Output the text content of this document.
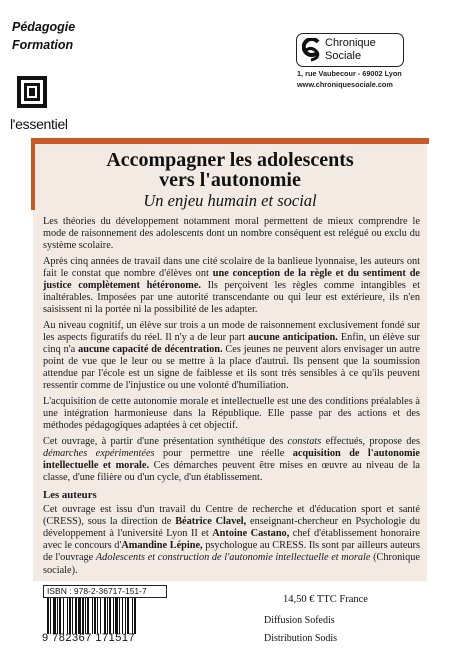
Pédagogie
Formation
l'essentiel
Chronique
Sociale
1, rue Vaubecour - 69002 Lyon
www.chroniquesociale.com
Accompagner les adolescents
vers l'autonomie
Un enjeu humain et social

Les théories du développement notamment moral permettent de mieux comprendre le mode de raisonnement des adolescents dont un nombre conséquent est relégué ou exclu du système scolaire.

Après cinq années de travail dans une cité scolaire de la banlieue lyonnaise, les auteurs ont fait le constat que nombre d'élèves ont une conception de la règle et du sentiment de justice complètement hétéronome. Ils perçoivent les règles comme intangibles et inaltérables. Imposées par une autorité transcendante ou qui leur est extérieure, ils n'en saisissent ni la portée ni la possibilité de les adapter.

Au niveau cognitif, un élève sur trois a un mode de raisonnement exclusivement fondé sur les aspects figuratifs du réel. Il n'y a de leur part aucune anticipation. Enfin, un élève sur cinq n'a aucune capacité de décentration. Ces jeunes ne peuvent alors envisager un autre point de vue que le leur ou se mettre à la place d'autrui. Ils pensent que la soumission attendue par l'école est un signe de faiblesse et ils sont très sensibles à ce qu'ils peuvent ressentir comme de l'injustice ou une volonté d'humiliation.

L'acquisition de cette autonomie morale et intellectuelle est une des conditions préalables à une intégration harmonieuse dans la République. Elle passe par des actions et des méthodes pédagogiques adaptées à cet objectif.

Cet ouvrage, à partir d'une présentation synthétique des constats effectués, propose des démarches expérimentées pour permettre une réelle acquisition de l'autonomie intellectuelle et morale. Ces démarches peuvent être mises en œuvre au niveau de la classe, d'une filière ou d'un cycle, d'un établissement.

Les auteurs

Cet ouvrage est issu d'un travail du Centre de recherche et d'éducation sport et santé (CRESS), sous la direction de Béatrice Clavel, enseignant-chercheur en Psychologie du développement à l'université Lyon II et Antoine Castano, chef d'établissement honoraire avec le concours d'Amandine Lépine, psychologue au CRESS. Ils sont par ailleurs auteurs de l'ouvrage Adolescents et construction de l'autonomie intellectuelle et morale (Chronique sociale).

ISBN : 978-2-36717-151-7
9 782367 171517
14,50 € TTC France
Diffusion Sofedis
Distribution Sodis
